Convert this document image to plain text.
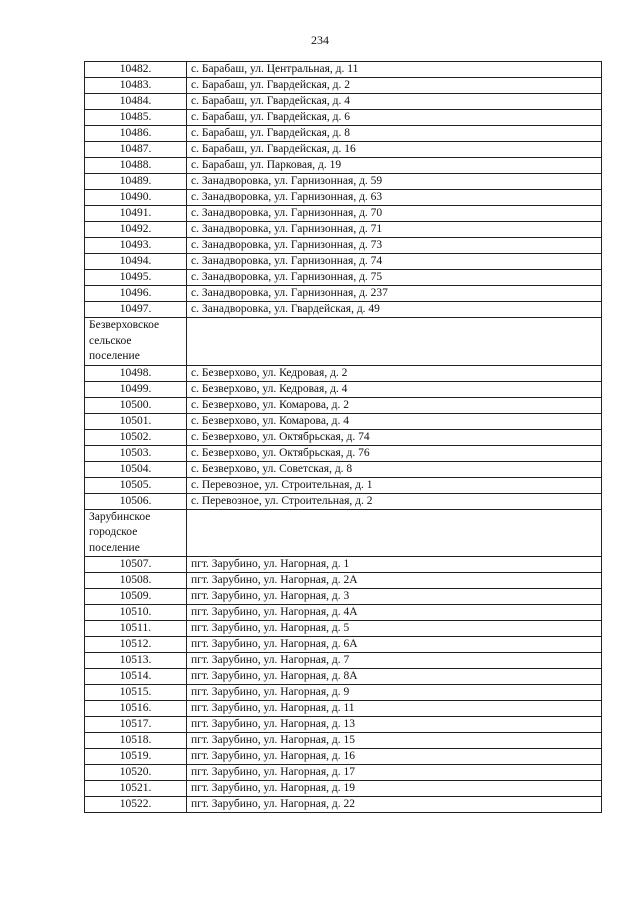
234
10482.	с. Барабаш, ул. Центральная, д. 11
10483.	с. Барабаш, ул. Гвардейская, д. 2
10484.	с. Барабаш, ул. Гвардейская, д. 4
10485.	с. Барабаш, ул. Гвардейская, д. 6
10486.	с. Барабаш, ул. Гвардейская, д. 8
10487.	с. Барабаш, ул. Гвардейская, д. 16
10488.	с. Барабаш, ул. Парковая, д. 19
10489.	с. Занадворовка, ул. Гарнизонная, д. 59
10490.	с. Занадворовка, ул. Гарнизонная, д. 63
10491.	с. Занадворовка, ул. Гарнизонная, д. 70
10492.	с. Занадворовка, ул. Гарнизонная, д. 71
10493.	с. Занадворовка, ул. Гарнизонная, д. 73
10494.	с. Занадворовка, ул. Гарнизонная, д. 74
10495.	с. Занадворовка, ул. Гарнизонная, д. 75
10496.	с. Занадворовка, ул. Гарнизонная, д. 237
10497.	с. Занадворовка, ул. Гвардейская, д. 49
Безверховское сельское поселение	
10498.	с. Безверхово, ул. Кедровая, д. 2
10499.	с. Безверхово, ул. Кедровая, д. 4
10500.	с. Безверхово, ул. Комарова, д. 2
10501.	с. Безверхово, ул. Комарова, д. 4
10502.	с. Безверхово, ул. Октябрьская, д. 74
10503.	с. Безверхово, ул. Октябрьская, д. 76
10504.	с. Безверхово, ул. Советская, д. 8
10505.	с. Перевозное, ул. Строительная, д. 1
10506.	с. Перевозное, ул. Строительная, д. 2
Зарубинское городское поселение	
10507.	пгт. Зарубино, ул. Нагорная, д. 1
10508.	пгт. Зарубино, ул. Нагорная, д. 2А
10509.	пгт. Зарубино, ул. Нагорная, д. 3
10510.	пгт. Зарубино, ул. Нагорная, д. 4А
10511.	пгт. Зарубино, ул. Нагорная, д. 5
10512.	пгт. Зарубино, ул. Нагорная, д. 6А
10513.	пгт. Зарубино, ул. Нагорная, д. 7
10514.	пгт. Зарубино, ул. Нагорная, д. 8А
10515.	пгт. Зарубино, ул. Нагорная, д. 9
10516.	пгт. Зарубино, ул. Нагорная, д. 11
10517.	пгт. Зарубино, ул. Нагорная, д. 13
10518.	пгт. Зарубино, ул. Нагорная, д. 15
10519.	пгт. Зарубино, ул. Нагорная, д. 16
10520.	пгт. Зарубино, ул. Нагорная, д. 17
10521.	пгт. Зарубино, ул. Нагорная, д. 19
10522.	пгт. Зарубино, ул. Нагорная, д. 22
